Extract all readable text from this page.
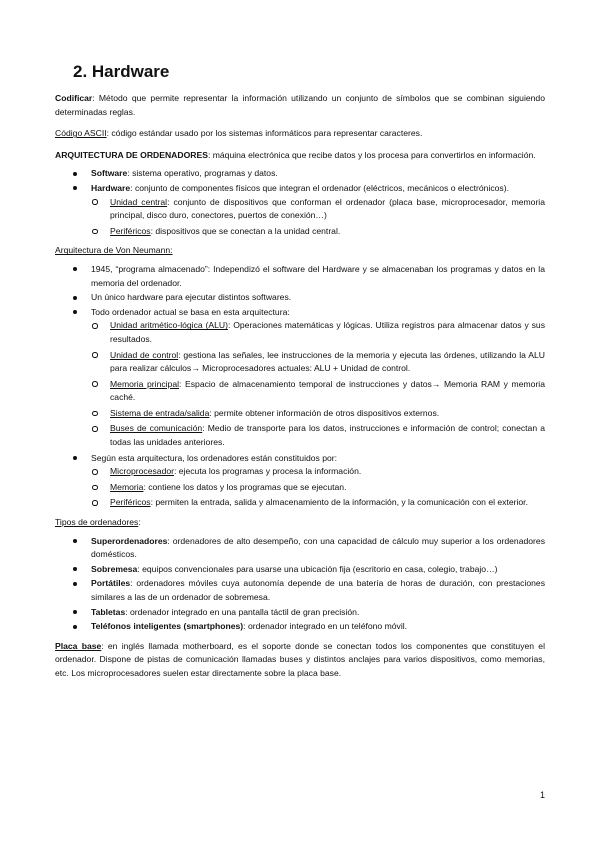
2. Hardware

Codificar: Método que permite representar la información utilizando un conjunto de símbolos que se combinan siguiendo determinadas reglas.

Código ASCII: código estándar usado por los sistemas informáticos para representar caracteres.

ARQUITECTURA DE ORDENADORES: máquina electrónica que recibe datos y los procesa para convertirlos en información.

Software: sistema operativo, programas y datos.
Hardware: conjunto de componentes físicos que integran el ordenador (eléctricos, mecánicos o electrónicos).
Unidad central: conjunto de dispositivos que conforman el ordenador (placa base, microprocesador, memoria principal, disco duro, conectores, puertos de conexión…)
Periféricos: dispositivos que se conectan a la unidad central.

Arquitectura de Von Neumann:

1945, “programa almacenado”: Independizó el software del Hardware y se almacenaban los programas y datos en la memoria del ordenador.
Un único hardware para ejecutar distintos softwares.
Todo ordenador actual se basa en esta arquitectura:
Unidad aritmético-lógica (ALU): Operaciones matemáticas y lógicas. Utiliza registros para almacenar datos y sus resultados.
Unidad de control: gestiona las señales, lee instrucciones de la memoria y ejecuta las órdenes, utilizando la ALU para realizar cálculos→ Microprocesadores actuales: ALU + Unidad de control.
Memoria principal: Espacio de almacenamiento temporal de instrucciones y datos→ Memoria RAM y memoria caché.
Sistema de entrada/salida: permite obtener información de otros dispositivos externos.
Buses de comunicación: Medio de transporte para los datos, instrucciones e información de control; conectan a todas las unidades anteriores.
Según esta arquitectura, los ordenadores están constituidos por:
Microprocesador: ejecuta los programas y procesa la información.
Memoria: contiene los datos y los programas que se ejecutan.
Periféricos: permiten la entrada, salida y almacenamiento de la información, y la comunicación con el exterior.

Tipos de ordenadores:

Superordenadores: ordenadores de alto desempeño, con una capacidad de cálculo muy superior a los ordenadores domésticos.
Sobremesa: equipos convencionales para usarse una ubicación fija (escritorio en casa, colegio, trabajo…)
Portátiles: ordenadores móviles cuya autonomía depende de una batería de horas de duración, con prestaciones similares a las de un ordenador de sobremesa.
Tabletas: ordenador integrado en una pantalla táctil de gran precisión.
Teléfonos inteligentes (smartphones): ordenador integrado en un teléfono móvil.

Placa base: en inglés llamada motherboard, es el soporte donde se conectan todos los componentes que constituyen el ordenador. Dispone de pistas de comunicación llamadas buses y distintos anclajes para varios dispositivos, como memorias, etc. Los microprocesadores suelen estar directamente sobre la placa base.

1
